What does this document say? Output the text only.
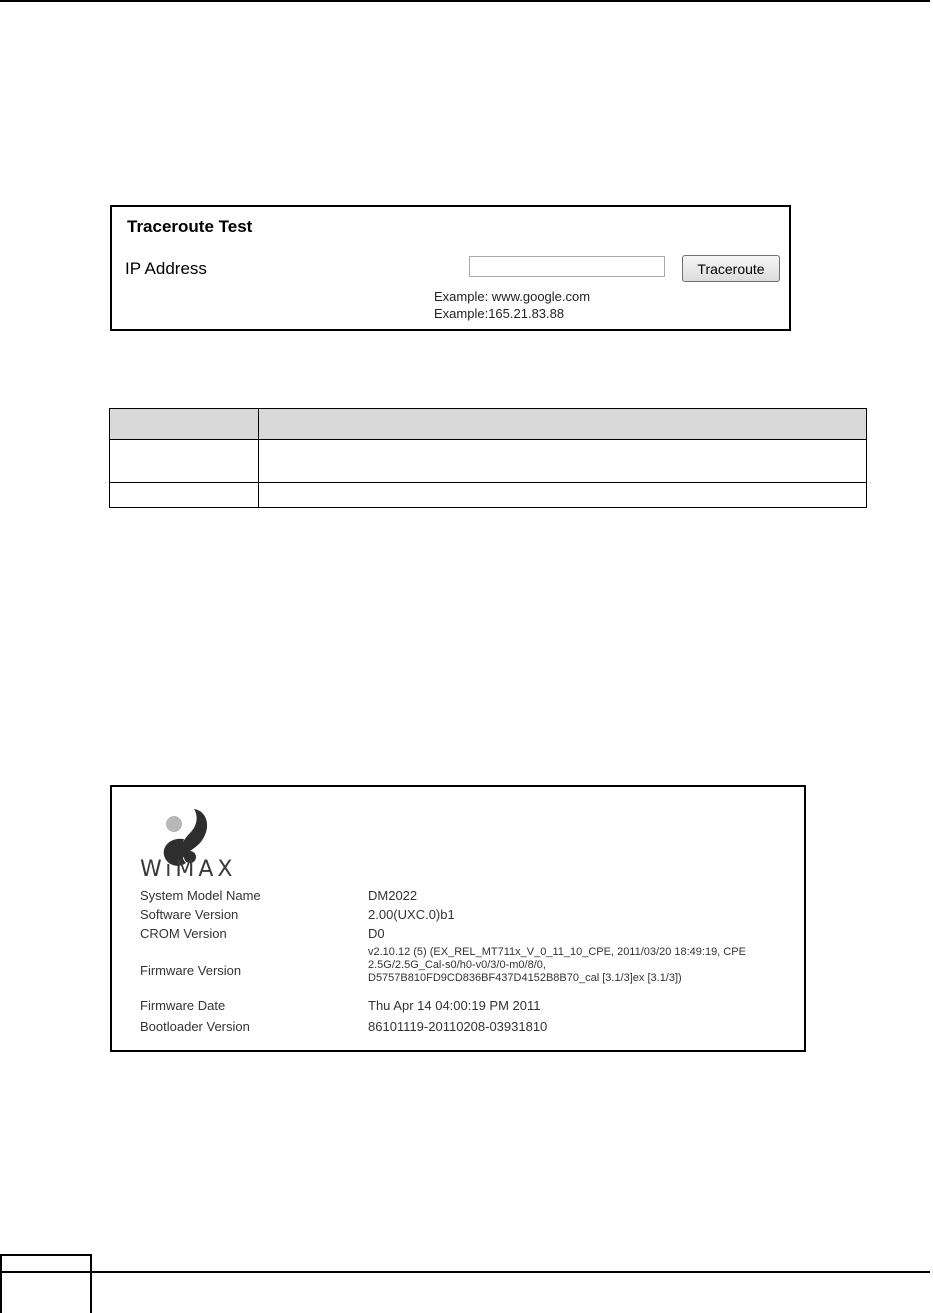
Traceroute Test
IP Address	Traceroute
Example: www.google.com
Example:165.21.83.88

WiMAX
System Model Name	DM2022
Software Version	2.00(UXC.0)b1
CROM Version	D0
Firmware Version
v2.10.12 (5) (EX_REL_MT711x_V_0_11_10_CPE, 2011/03/20 18:49:19, CPE
2.5G/2.5G_Cal-s0/h0-v0/3/0-m0/8/0,
D5757B810FD9CD836BF437D4152B8B70_cal [3.1/3]ex [3.1/3])
Firmware Date	Thu Apr 14 04:00:19 PM 2011
Bootloader Version	86101119-20110208-03931810
